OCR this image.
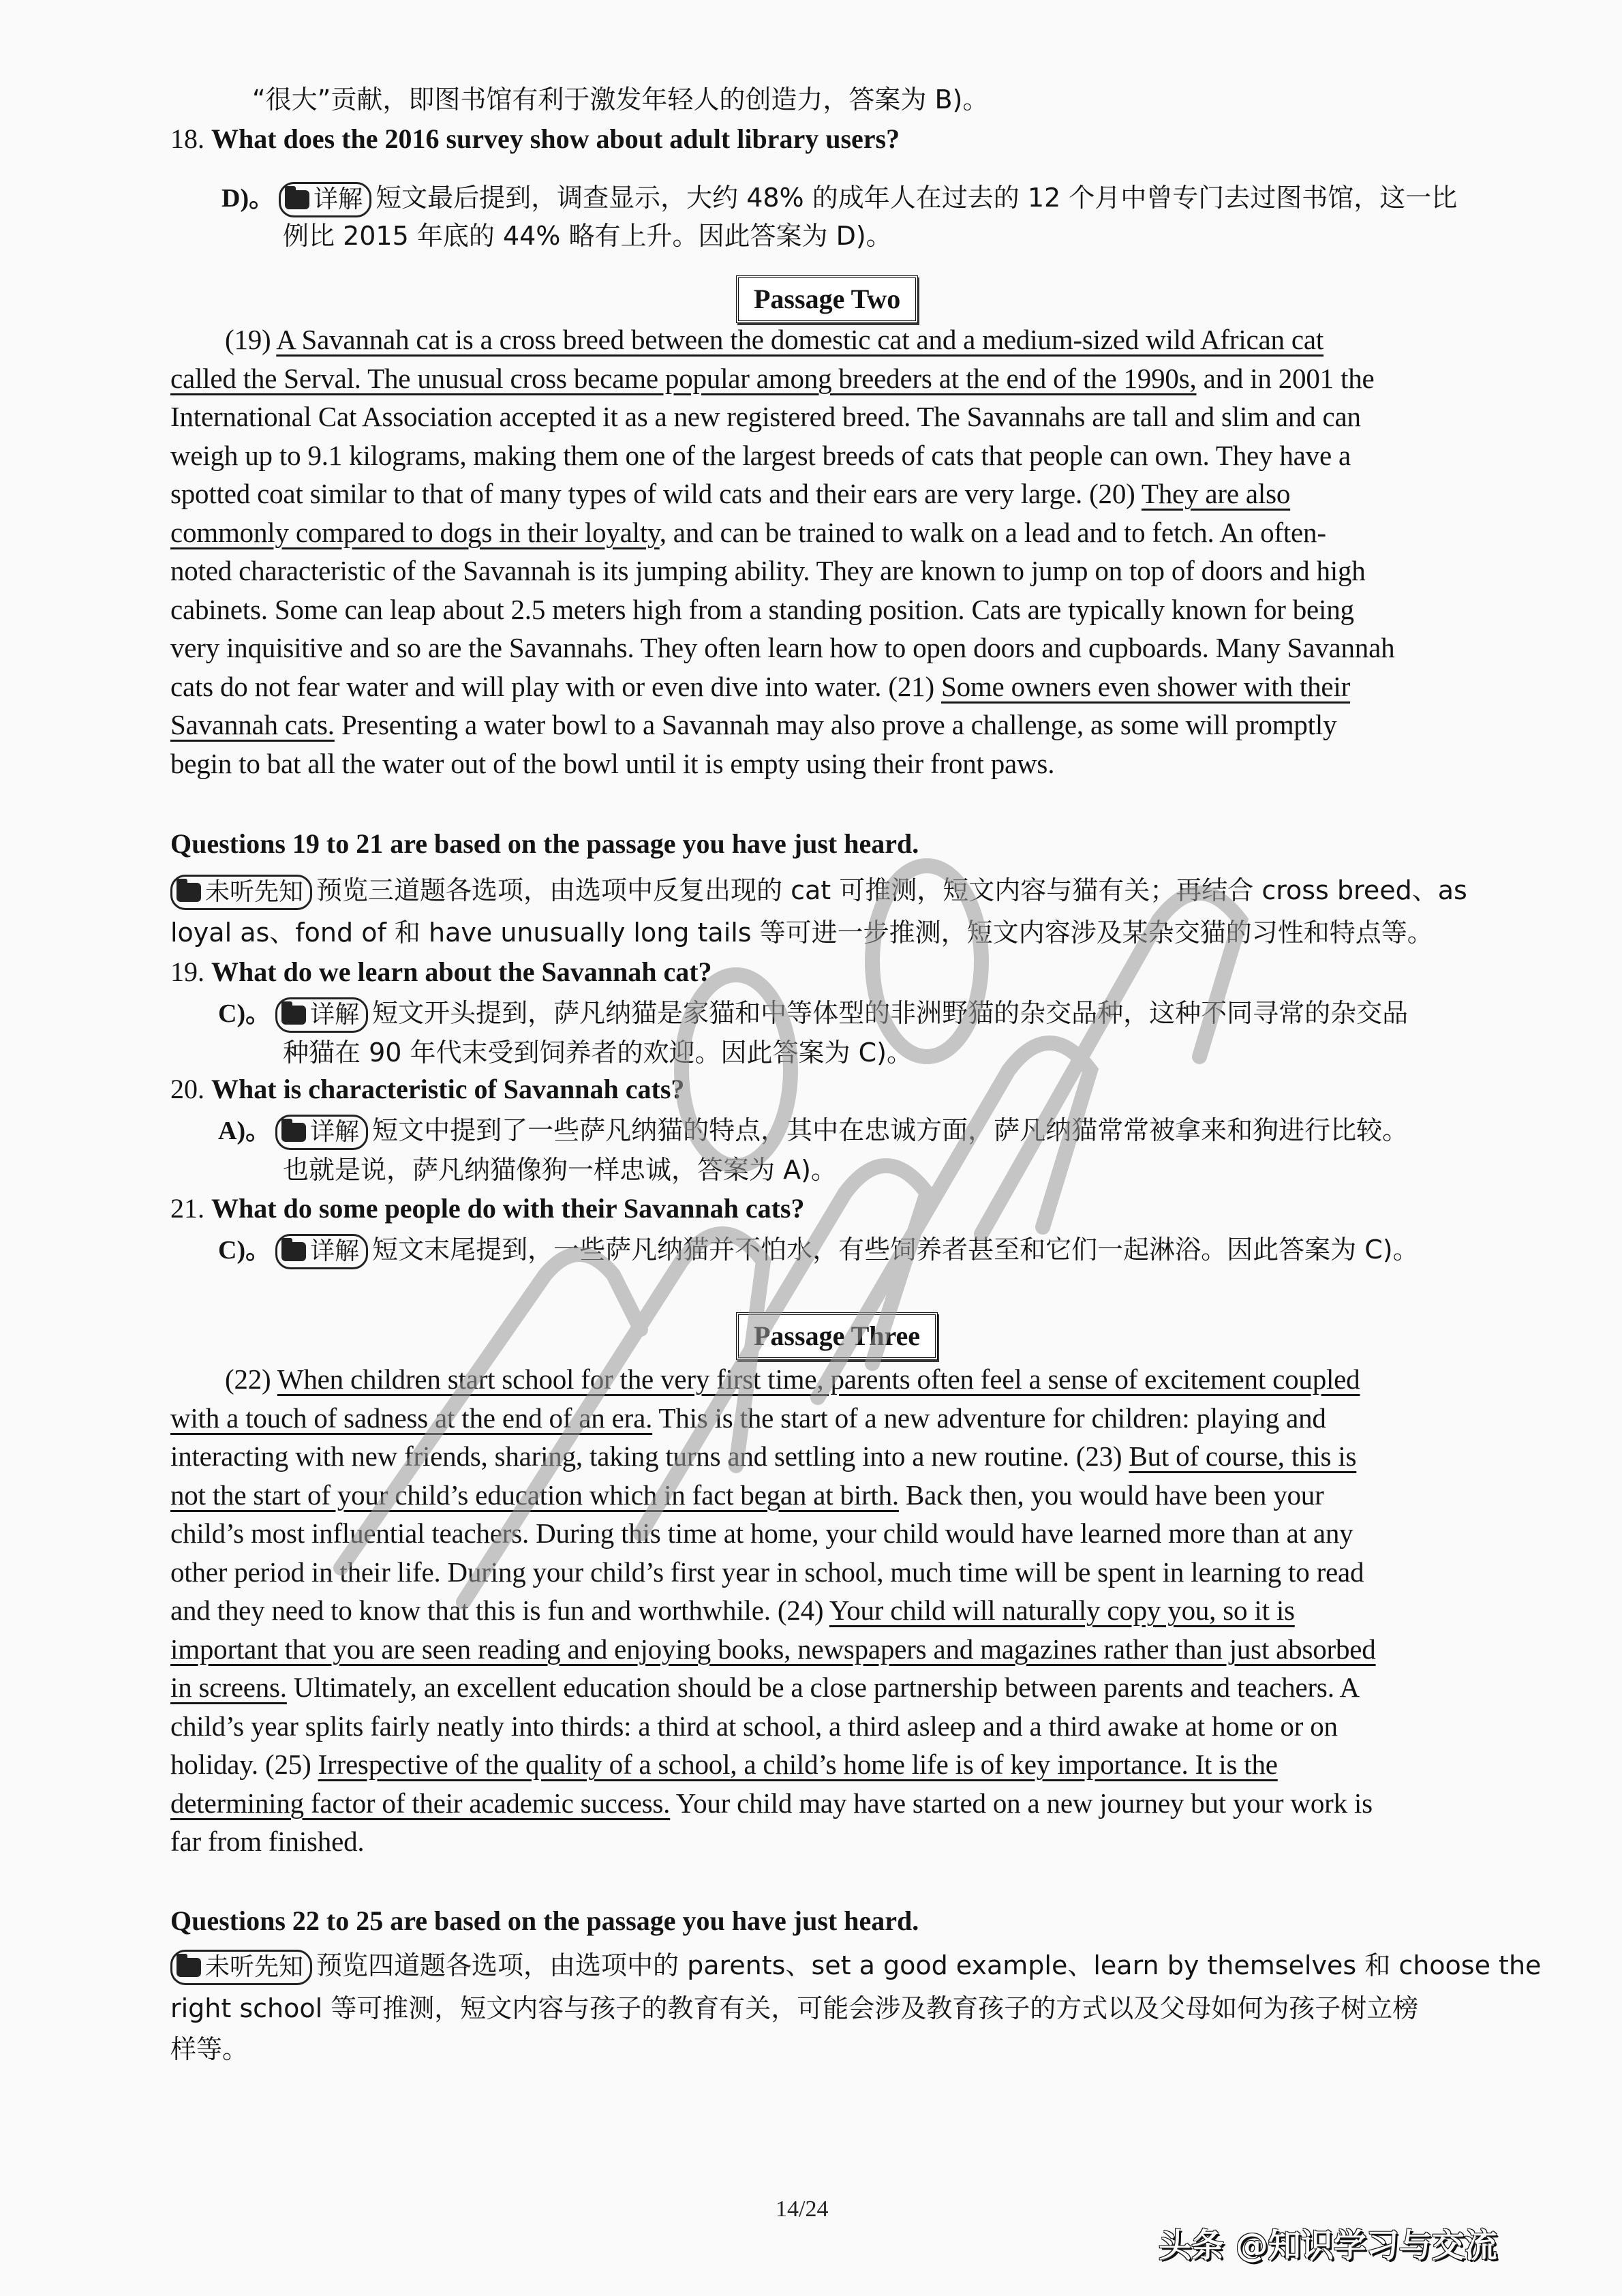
“很大”贡献，即图书馆有利于激发年轻人的创造力，答案为 B)。
18. What does the 2016 survey show about adult library users?
D)。 详解 短文最后提到，调查显示，大约 48% 的成年人在过去的 12 个月中曾专门去过图书馆，这一比
例比 2015 年底的 44% 略有上升。因此答案为 D)。
Passage Two
(19) A Savannah cat is a cross breed between the domestic cat and a medium-sized wild African cat
called the Serval. The unusual cross became popular among breeders at the end of the 1990s, and in 2001 the
International Cat Association accepted it as a new registered breed. The Savannahs are tall and slim and can
weigh up to 9.1 kilograms, making them one of the largest breeds of cats that people can own. They have a
spotted coat similar to that of many types of wild cats and their ears are very large. (20) They are also
commonly compared to dogs in their loyalty, and can be trained to walk on a lead and to fetch. An often-
noted characteristic of the Savannah is its jumping ability. They are known to jump on top of doors and high
cabinets. Some can leap about 2.5 meters high from a standing position. Cats are typically known for being
very inquisitive and so are the Savannahs. They often learn how to open doors and cupboards. Many Savannah
cats do not fear water and will play with or even dive into water. (21) Some owners even shower with their
Savannah cats. Presenting a water bowl to a Savannah may also prove a challenge, as some will promptly
begin to bat all the water out of the bowl until it is empty using their front paws.
Questions 19 to 21 are based on the passage you have just heard.
未听先知 预览三道题各选项，由选项中反复出现的 cat 可推测，短文内容与猫有关；再结合 cross breed、as
loyal as、fond of 和 have unusually long tails 等可进一步推测，短文内容涉及某杂交猫的习性和特点等。
19. What do we learn about the Savannah cat?
C)。 详解 短文开头提到，萨凡纳猫是家猫和中等体型的非洲野猫的杂交品种，这种不同寻常的杂交品
种猫在 90 年代末受到饲养者的欢迎。因此答案为 C)。
20. What is characteristic of Savannah cats?
A)。 详解 短文中提到了一些萨凡纳猫的特点，其中在忠诚方面，萨凡纳猫常常被拿来和狗进行比较。
也就是说，萨凡纳猫像狗一样忠诚，答案为 A)。
21. What do some people do with their Savannah cats?
C)。 详解 短文末尾提到，一些萨凡纳猫并不怕水，有些饲养者甚至和它们一起淋浴。因此答案为 C)。
Passage Three
(22) When children start school for the very first time, parents often feel a sense of excitement coupled
with a touch of sadness at the end of an era. This is the start of a new adventure for children: playing and
interacting with new friends, sharing, taking turns and settling into a new routine. (23) But of course, this is
not the start of your child’s education which in fact began at birth. Back then, you would have been your
child’s most influential teachers. During this time at home, your child would have learned more than at any
other period in their life. During your child’s first year in school, much time will be spent in learning to read
and they need to know that this is fun and worthwhile. (24) Your child will naturally copy you, so it is
important that you are seen reading and enjoying books, newspapers and magazines rather than just absorbed
in screens. Ultimately, an excellent education should be a close partnership between parents and teachers. A
child’s year splits fairly neatly into thirds: a third at school, a third asleep and a third awake at home or on
holiday. (25) Irrespective of the quality of a school, a child’s home life is of key importance. It is the
determining factor of their academic success. Your child may have started on a new journey but your work is
far from finished.
Questions 22 to 25 are based on the passage you have just heard.
未听先知 预览四道题各选项，由选项中的 parents、set a good example、learn by themselves 和 choose the
right school 等可推测，短文内容与孩子的教育有关，可能会涉及教育孩子的方式以及父母如何为孩子树立榜
样等。
14/24
头条 @知识学习与交流
